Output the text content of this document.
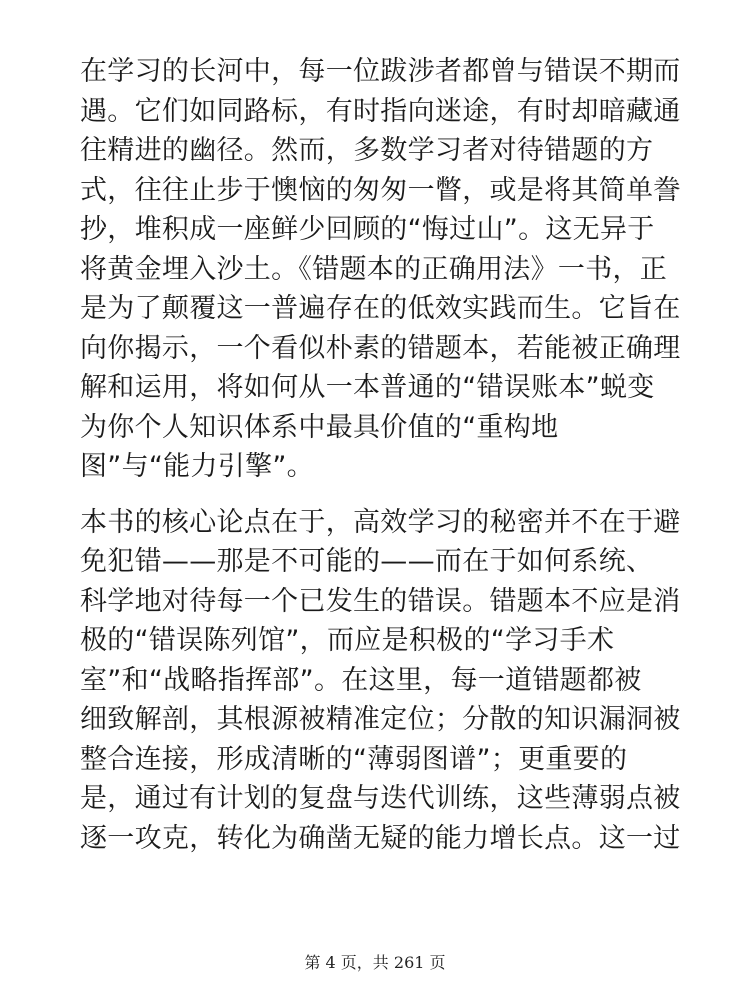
在学习的长河中，每一位跋涉者都曾与错误不期而
遇。它们如同路标，有时指向迷途，有时却暗藏通
往精进的幽径。然而，多数学习者对待错题的方
式，往往止步于懊恼的匆匆一瞥，或是将其简单誊
抄，堆积成一座鲜少回顾的“悔过山”。这无异于
将黄金埋入沙土。《错题本的正确用法》一书，正
是为了颠覆这一普遍存在的低效实践而生。它旨在
向你揭示，一个看似朴素的错题本，若能被正确理
解和运用，将如何从一本普通的“错误账本”蜕变
为你个人知识体系中最具价值的“重构地
图”与“能力引擎”。
本书的核心论点在于，高效学习的秘密并不在于避
免犯错——那是不可能的——而在于如何系统、
科学地对待每一个已发生的错误。错题本不应是消
极的“错误陈列馆”，而应是积极的“学习手术
室”和“战略指挥部”。在这里，每一道错题都被
细致解剖，其根源被精准定位；分散的知识漏洞被
整合连接，形成清晰的“薄弱图谱”；更重要的
是，通过有计划的复盘与迭代训练，这些薄弱点被
逐一攻克，转化为确凿无疑的能力增长点。这一过
第 4 页，共 261 页
